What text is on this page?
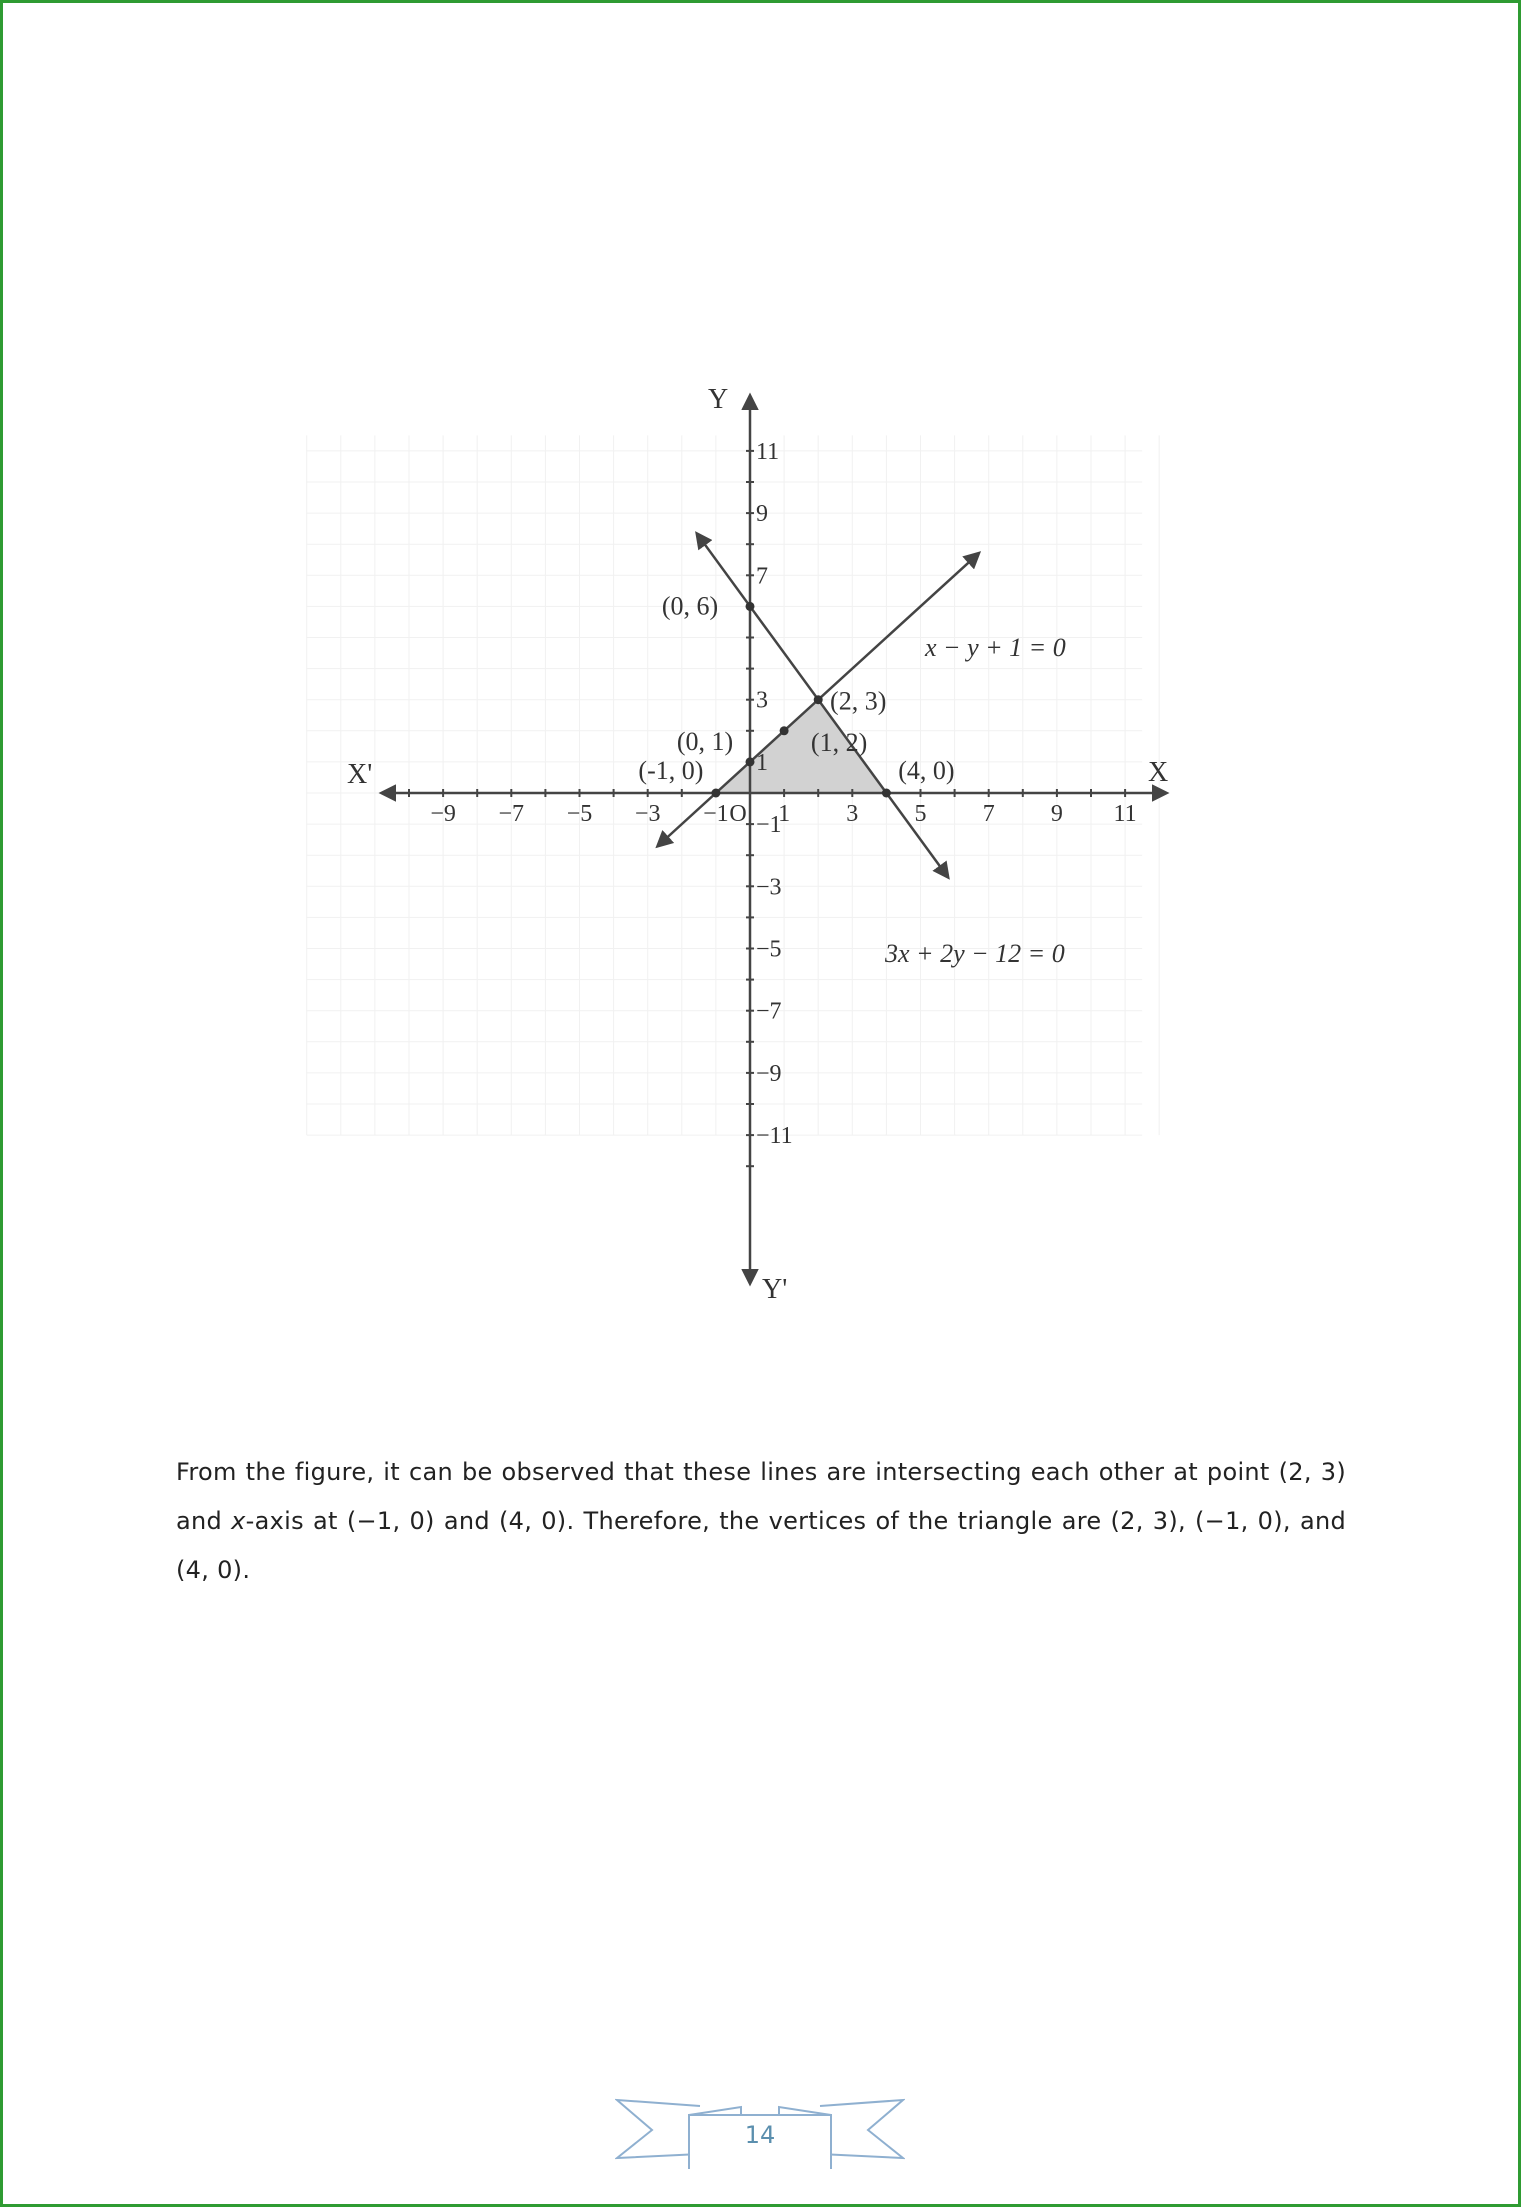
−9 −7 −5 −3 −1 1 3 5 7 9 11
11
9
7
3
1
−1
−3
−5
−7
−9
−11
O
X
X'
Y
Y'
x − y + 1 = 0
3x + 2y − 12 = 0
(0, 6)
(2, 3)
(1, 2)
(0, 1)
(-1, 0)	(4, 0)
From the figure, it can be observed that these lines are intersecting each other at point (2, 3) and x-axis at (−1, 0) and (4, 0). Therefore, the vertices of the triangle are (2, 3), (−1, 0), and (4, 0).
14
